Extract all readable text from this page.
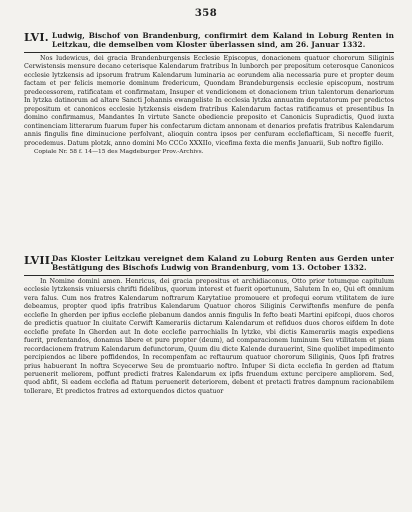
358
LVI. Ludwig, Bischof von Brandenburg, confirmirt dem Kaland in Loburg Renten in Leitzkau, die demselben vom Kloster überlassen sind, am 26. Januar 1332.

Nos ludewicus, dei gracia Brandenburgensis Ecclesie Episcopus, donacionem quatuor chororum Siliginis Cerwistensis mensure decano ceterisque Kalendarum fratribus In lunborch per prepositum ceterosque Canonicos ecclesie lytzkensis ad ipsorum fratrum Kalendarum luminaria ac eorundem alia necessaria pure et propter deum factam et per felicis memorie dominum fredericum, Quondam Brandeburgensis ecclesie episcopum, nostrum predecessorem, ratificatam et confirmatam, Insuper et vendicionem et donacionem triun talentorum denariorum In lytzka datinorum ad altare Sancti Johannis ewangeliste In ecclesia lytzka annuatim deputatorum per predictos prepositum et canonicos ecclesie lytzkensis eisdem fratribus Kalendarum factas ratificamus et presentibus In domino confirmamus, Mandantes In virtute Sancte obediencie preposito et Canonicis Supradictis, Quod iuxta continenciam litterarum fuarum fuper his confectarum dictam annonam et denarios prefatis fratribus Kalendarum annis fingulis fine diminucione perfolvant, alioquin contra ipsos per cenfuram ecclefiafticam, Si neceffe fuerit, procedemus. Datum plotzk, anno domini Mo CCCo XXXIIo, vicefima fexta die menfis Januarii, Sub noftro figillo.

Copiale Nr. 58 f. 14—15 des Magdeburger Prov.-Archivs.

LVII.
Das Kloster Leitzkau vereignet dem Kaland zu Loburg Renten aus Gerden unter Bestätigung des Bischofs Ludwig von Brandenburg, vom 13. October 1332.

In Nomine domini amen. Henricus, dei gracia prepositus et archidiaconus, Otto prior totumque capitulum ecclesie lytzkensis vniuersis chrifti fidelibus, quorum interest et fuerit oportunum, Salutem In eo, Qui eft omnium vera falus. Cum nos fratres Kalendarum noftrarum Karytatiue promouere et profequi eorum vtilitatem de iure debeamus, propter quod ipfis fratribus Kalendarum Quatuor choros Siliginis Cerwiftenfis menfure de penfa ecclefie In gherden per ipfius ecclefie plebanum dandos annis fingulis In fefto beati Martini epifcopi, duos choros de predictis quatuor In ciuitate Cerwift Kamerariis dictarum Kalendarum et refiduos duos choros eifdem In dote ecclefie prefate In Gherden aut In dote ecclefie parrochialis In lytzke, vbi dictis Kamerariis magis expediens fuerit, prefentandos, donamus libere et pure propter (deum), ad comparacionem luminum Seu vtilitatem et piam recordacionem fratrum Kalendarum defunctorum, Quum diu dicte Kalende durauerint, Sine quolibet impedimento percipiendos ac libere poffidendos, In recompenfam ac reftaurum quatuor chororum Siliginis, Quos Ipfi fratres prius habuerant In noftra Scyecerwe Seu de promtuario noftro. Infuper Si dicta ecclefia In gerden ad ftatum peruenerit meliorem, poffunt predicti fratres Kalendarum ex ipfis fruendum extunc percipere ampliorem. Sed, quod abfit, Si eadem ecclefia ad ftatum peruenerit deteriorem, debent et pretacti fratres dampnum racionabilem tollerare, Et predictos fratres ad extorquendos dictos quatuor
